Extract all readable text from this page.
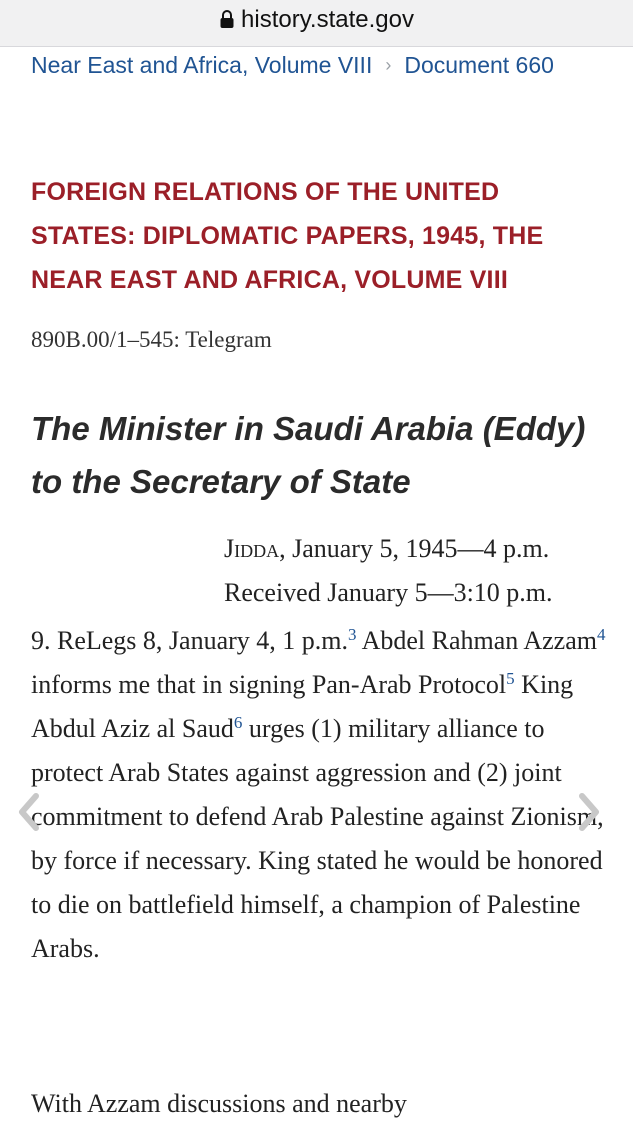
history.state.gov
Near East and Africa, Volume VIII › Document 660
FOREIGN RELATIONS OF THE UNITED STATES: DIPLOMATIC PAPERS, 1945, THE NEAR EAST AND AFRICA, VOLUME VIII
890B.00/1–545: Telegram
The Minister in Saudi Arabia (Eddy) to the Secretary of State
Jidda, January 5, 1945—4 p.m.
Received January 5—3:10 p.m.
9. ReLegs 8, January 4, 1 p.m.$^3$ Abdel Rahman Azzam$^4$ informs me that in signing Pan-Arab Protocol$^5$ King Abdul Aziz al Saud$^6$ urges (1) military alliance to protect Arab States against aggression and (2) joint commitment to defend Arab Palestine against Zionism, by force if necessary. King stated he would be honored to die on battlefield himself, a champion of Palestine Arabs.
With Azzam discussions and nearby
